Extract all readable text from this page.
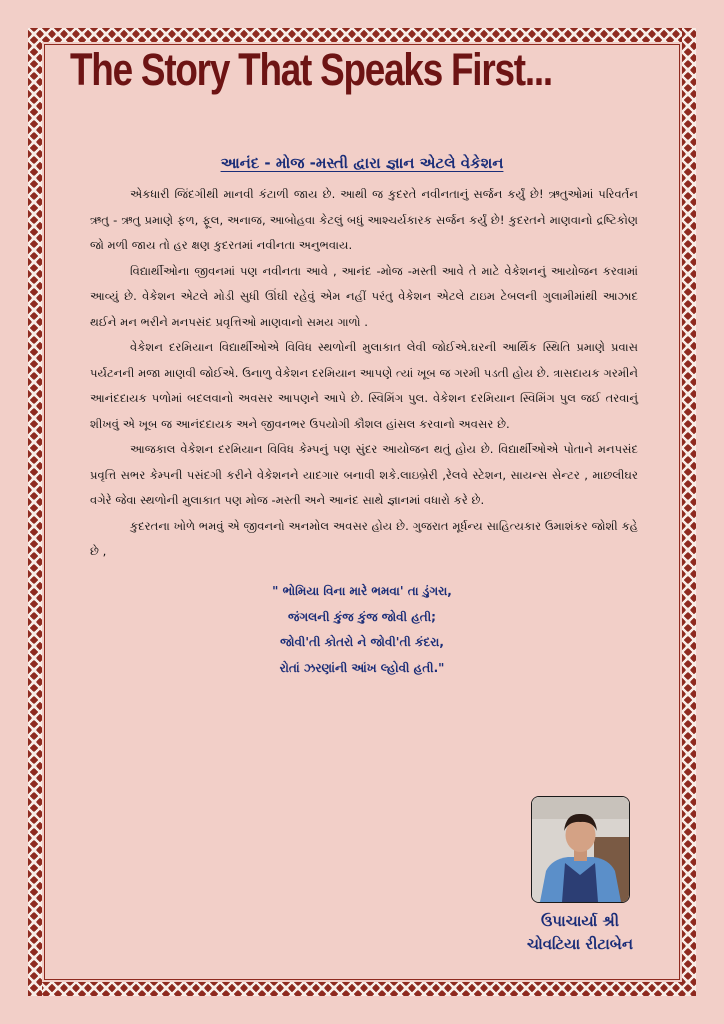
The Story That Speaks First...
આનંદ - મોજ -મસ્તી દ્વારા જ્ઞાન એટલે વેકેશન

એકધારી જિંદગીથી માનવી કંટાળી જાય છે. આથી જ કુદરતે નવીનતાનું સર્જન કર્યું છે! ઋતુઓમાં પરિવર્તન ઋતુ - ઋતુ પ્રમાણે ફળ, ફૂલ, અનાજ, આબોહવા કેટલું બધું આશ્ચર્યકારક સર્જન કર્યું છે! કુદરતને માણવાનો દ્રષ્ટિકોણ જો મળી જાય તો હર ક્ષણ કુદરતમાં નવીનતા અનુભવાય.

વિદ્યાર્થીઓના જીવનમાં પણ નવીનતા આવે , આનંદ -મોજ -મસ્તી આવે તે માટે વેકેશનનું આયોજન કરવામાં આવ્યું છે. વેકેશન એટલે મોડી સુધી ઊંઘી રહેવું એમ નહીં પરંતુ વેકેશન એટલે ટાઇમ ટેબલની ગુલામીમાંથી આઝાદ થઈને મન ભરીને મનપસંદ પ્રવૃત્તિઓ માણવાનો સમય ગાળો .

વેકેશન દરમિયાન વિદ્યાર્થીઓએ વિવિધ સ્થળોની મુલાકાત લેવી જોઈએ.ઘરની આર્થિક સ્થિતિ પ્રમાણે પ્રવાસ પર્યટનની મજા માણવી જોઈએ. ઉનાળુ વેકેશન દરમિયાન આપણે ત્યાં ખૂબ જ ગરમી પડતી હોય છે. ત્રાસદાયક ગરમીને આનંદદાયક પળોમાં બદલવાનો અવસર આપણને આપે છે. સ્વિમિંગ પુલ. વેકેશન દરમિયાન સ્વિમિંગ પુલ જઈ તરવાનું શીખવું એ ખૂબ જ આનંદદાયક અને જીવનભર ઉપયોગી કૌશલ હાંસલ કરવાનો અવસર છે.

આજકાલ વેકેશન દરમિયાન વિવિધ કેમ્પનું પણ સુંદર આયોજન થતું હોય છે. વિદ્યાર્થીઓએ પોતાને મનપસંદ પ્રવૃત્તિ સભર કેમ્પની પસંદગી કરીને વેકેશનને યાદગાર બનાવી શકે.લાઇબ્રેરી ,રેલવે સ્ટેશન, સાયન્સ સેન્ટર , માછલીઘર વગેરે જેવા સ્થળોની મુલાકાત પણ મોજ -મસ્તી અને આનંદ સાથે જ્ઞાનમાં વધારો કરે છે.

કુદરતના ખોળે ભમવું એ જીવનનો અનમોલ અવસર હોય છે. ગુજરાત મૂર્ધન્ય સાહિત્યકાર ઉમાશંકર જોશી કહે છે ,

" ભોમિયા વિના મારે ભમવા' તા ડુંગરા,
જંગલની કુંજ કુંજ જોવી હતી;
જોવી'તી કોતરો ને જોવી'તી કંદરા,
રોતાં ઝરણાંની આંખ લ્હોવી હતી."
ઉપાચાર્યા શ્રી
ચોવટિયા રીટાબેન
